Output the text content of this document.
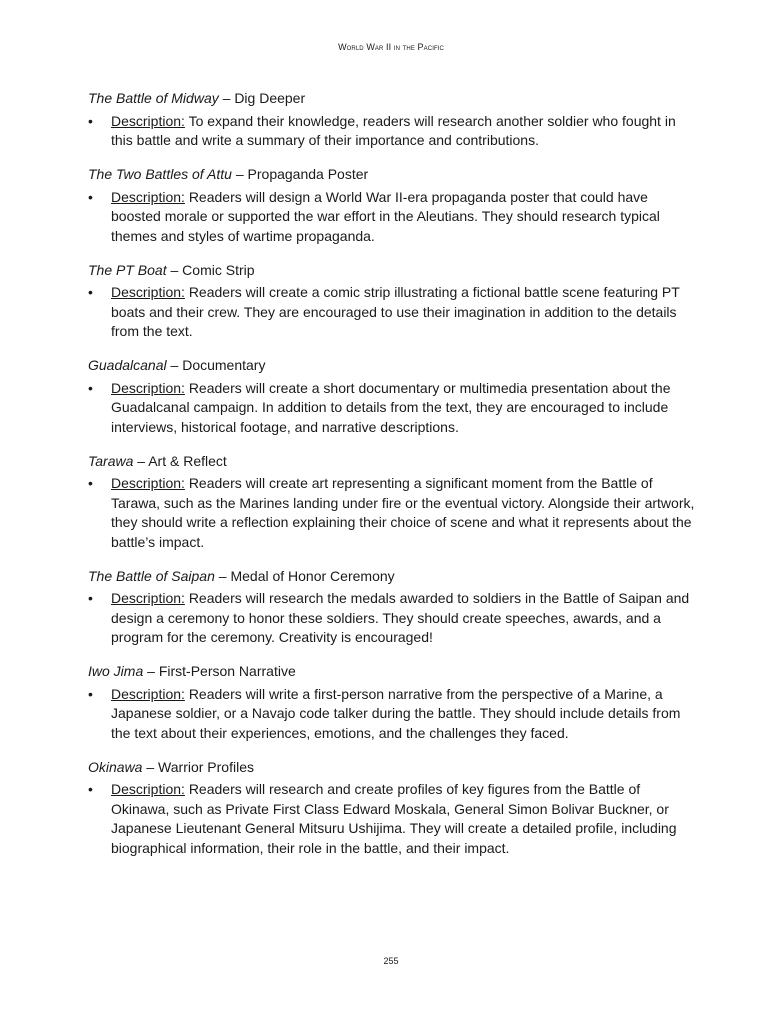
World War II in the Pacific

The Battle of Midway – Dig Deeper

• Description: To expand their knowledge, readers will research another soldier who fought in this battle and write a summary of their importance and contributions.

The Two Battles of Attu – Propaganda Poster

• Description: Readers will design a World War II-era propaganda poster that could have boosted morale or supported the war effort in the Aleutians. They should research typical themes and styles of wartime propaganda.

The PT Boat – Comic Strip

• Description: Readers will create a comic strip illustrating a fictional battle scene featuring PT boats and their crew. They are encouraged to use their imagination in addition to the details from the text.

Guadalcanal – Documentary

• Description: Readers will create a short documentary or multimedia presentation about the Guadalcanal campaign. In addition to details from the text, they are encouraged to include interviews, historical footage, and narrative descriptions.

Tarawa – Art & Reflect

• Description: Readers will create art representing a significant moment from the Battle of Tarawa, such as the Marines landing under fire or the eventual victory. Alongside their artwork, they should write a reflection explaining their choice of scene and what it represents about the battle’s impact.

The Battle of Saipan – Medal of Honor Ceremony

• Description: Readers will research the medals awarded to soldiers in the Battle of Saipan and design a ceremony to honor these soldiers. They should create speeches, awards, and a program for the ceremony. Creativity is encouraged!

Iwo Jima – First-Person Narrative

• Description: Readers will write a first-person narrative from the perspective of a Marine, a Japanese soldier, or a Navajo code talker during the battle. They should include details from the text about their experiences, emotions, and the challenges they faced.

Okinawa – Warrior Profiles

• Description: Readers will research and create profiles of key figures from the Battle of Okinawa, such as Private First Class Edward Moskala, General Simon Bolivar Buckner, or Japanese Lieutenant General Mitsuru Ushijima. They will create a detailed profile, including biographical information, their role in the battle, and their impact.
255
